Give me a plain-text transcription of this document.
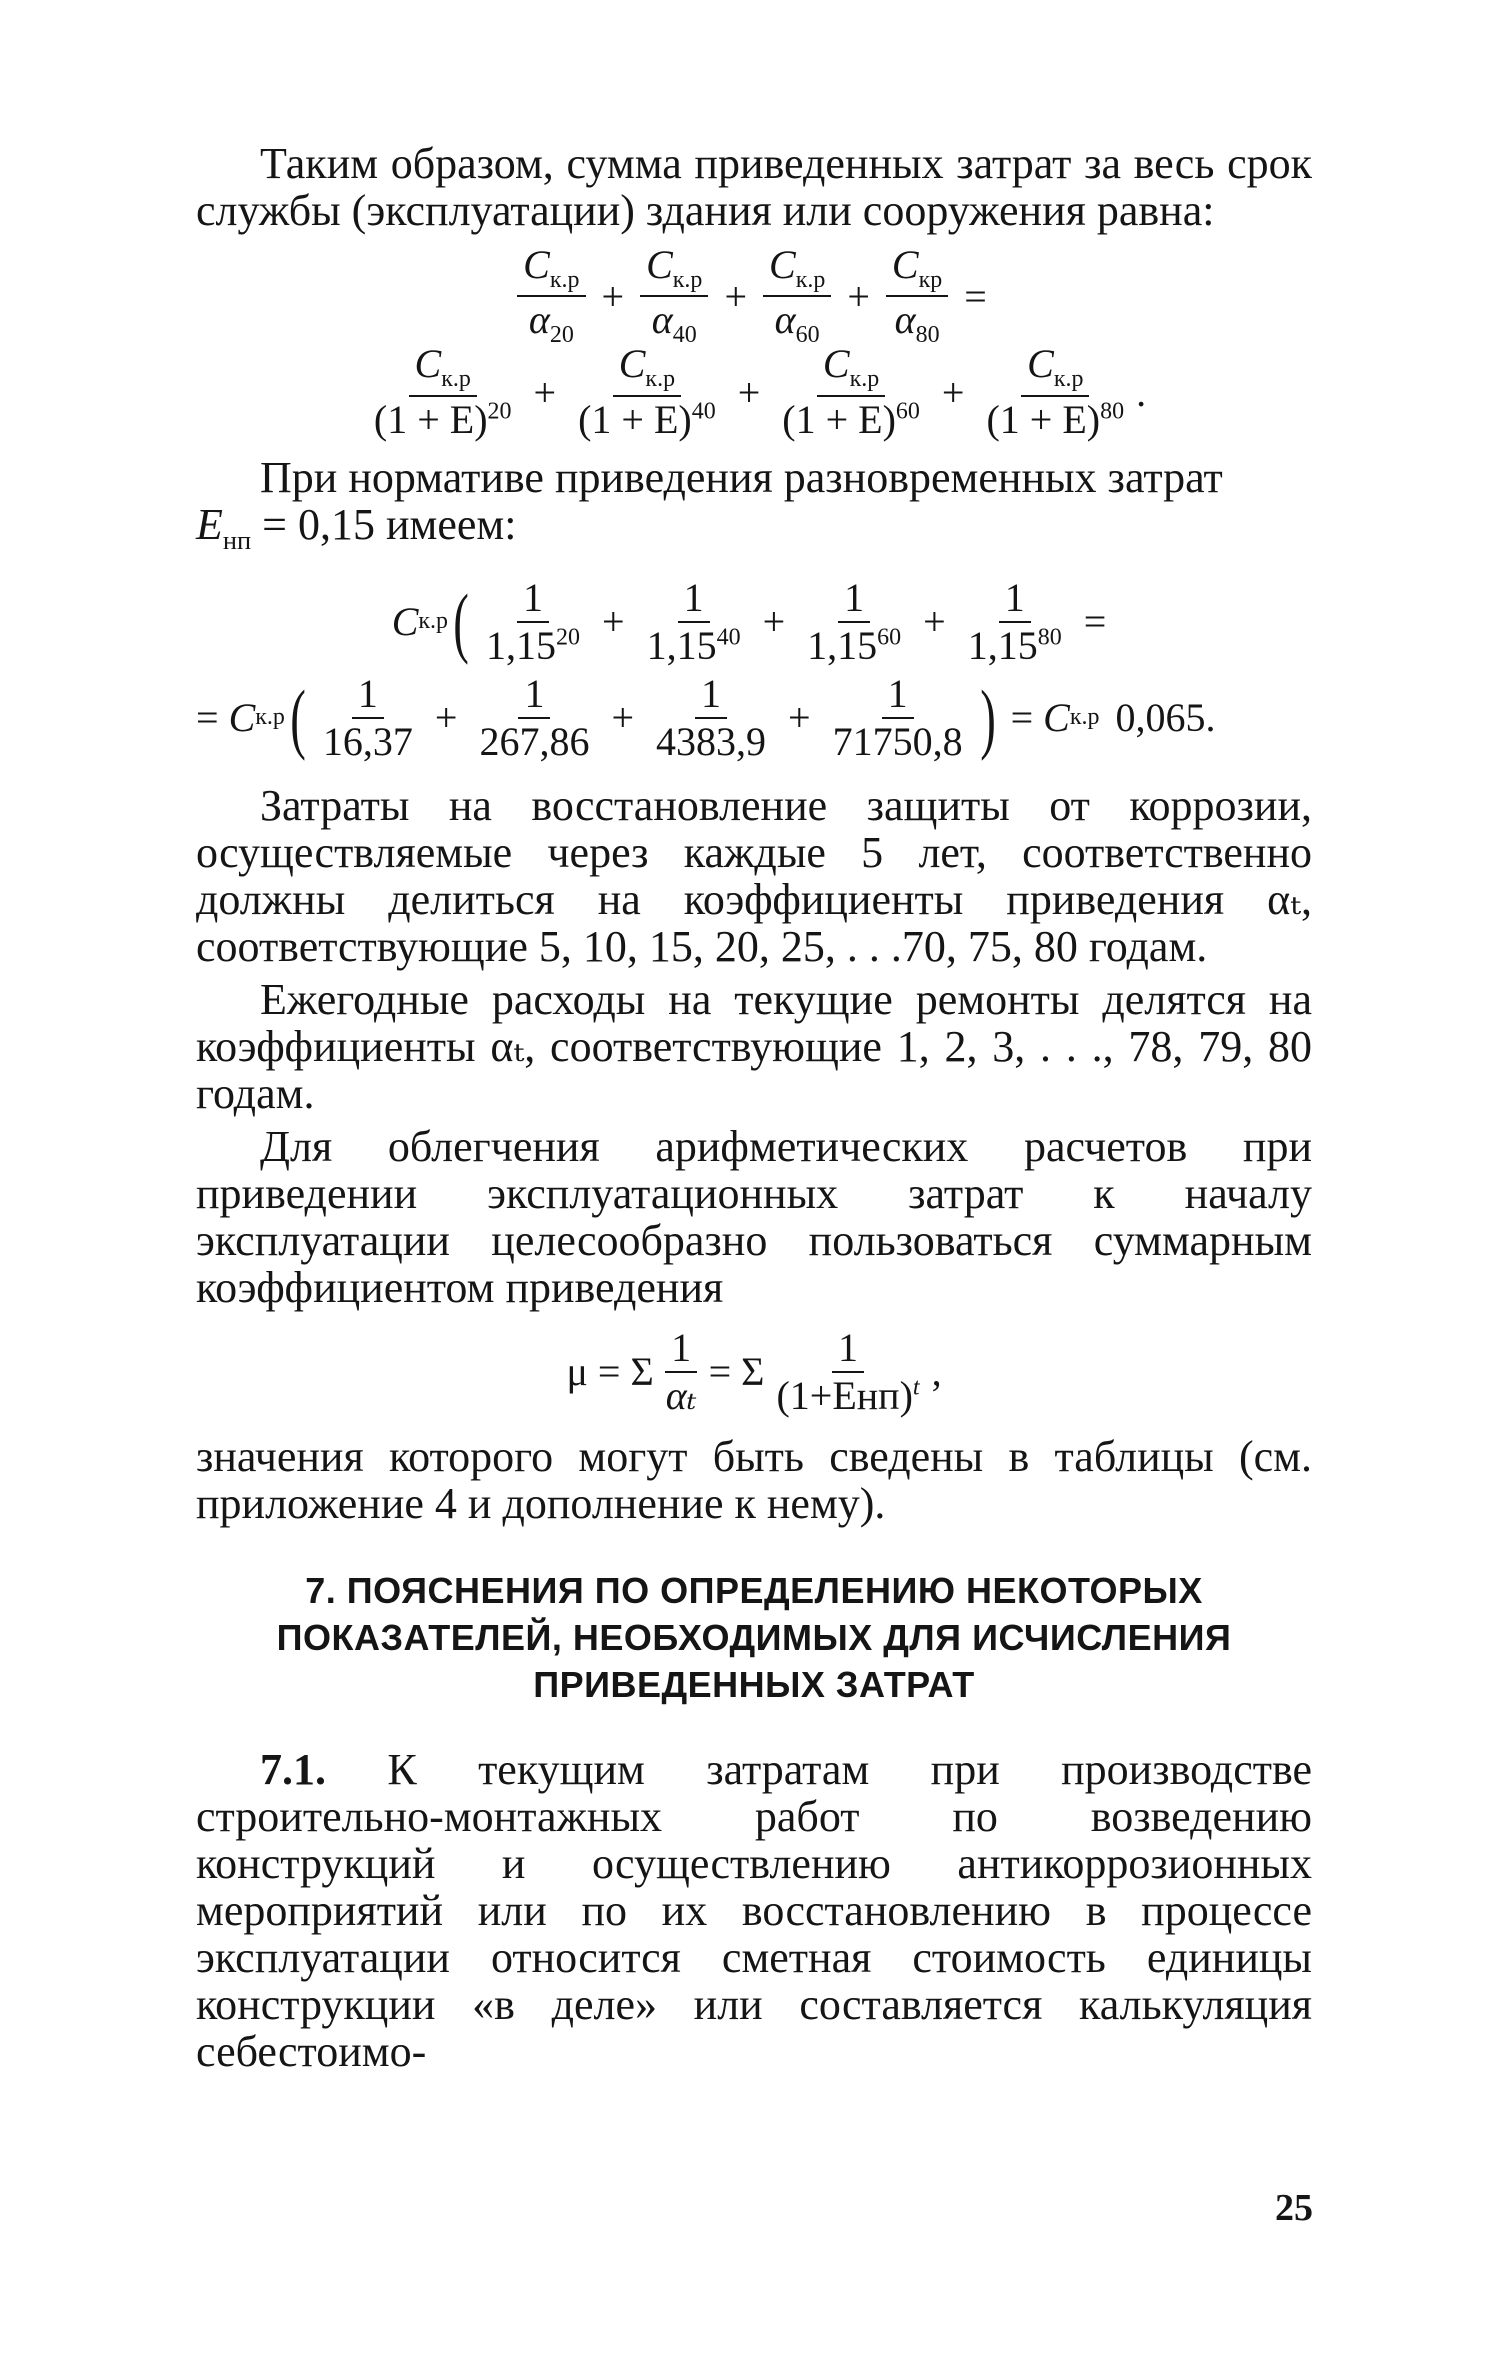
Таким образом, сумма приведенных затрат за весь срок службы (эксплуатации) здания или сооружения равна:

$\frac{C_{к.р}}{\alpha_{20}} + \frac{C_{к.р}}{\alpha_{40}} + \frac{C_{к.р}}{\alpha_{60}} + \frac{C_{кр}}{\alpha_{80}}$ =
$\frac{C_{к.р}}{(1 + E)^{20}} + \frac{C_{к.р}}{(1 + E)^{40}} + \frac{C_{к.р}}{(1 + E)^{60}} + \frac{C_{к.р}}{(1 + E)^{80}}$ .

При нормативе приведения разновременных затрат
$E_{нп} = 0,15$ имеем:

C к.р ( $\frac{1}{1,15^{20}} + \frac{1}{1,15^{40}} + \frac{1}{1,15^{60}} + \frac{1}{1,15^{80}}$ =
= C к.р ( $\frac{1}{16,37} + \frac{1}{267,86} + \frac{1}{4383,9} + \frac{1}{71750,8}$ ) = C к.р 0,065.

Затраты на восстановление защиты от коррозии, осуществляемые через каждые 5 лет, соответственно должны делиться на коэффициенты приведения αₜ, соответствующие 5, 10, 15, 20, 25, . . .70, 75, 80 годам.

Ежегодные расходы на текущие ремонты делятся на коэффициенты αₜ, соответствующие 1, 2, 3, . . ., 78, 79, 80 годам.

Для облегчения арифметических расчетов при приведении эксплуатационных затрат к началу эксплуатации целесообразно пользоваться суммарным коэффициентом приведения

μ = Σ $\frac{1}{\text{αₜ}} = \Sigma \frac{1}{(1+Eнп)^t}$ ,

значения которого могут быть сведены в таблицы (см. приложение 4 и дополнение к нему).

7. ПОЯСНЕНИЯ ПО ОПРЕДЕЛЕНИЮ НЕКОТОРЫХ ПОКАЗАТЕЛЕЙ, НЕОБХОДИМЫХ ДЛЯ ИСЧИСЛЕНИЯ ПРИВЕДЕННЫХ ЗАТРАТ

7.1. К текущим затратам при производстве строительно-монтажных работ по возведению конструкций и осуществлению антикоррозионных мероприятий или по их восстановлению в процессе эксплуатации относится сметная стоимость единицы конструкции «в деле» или составляется калькуляция себестоимо-

25
